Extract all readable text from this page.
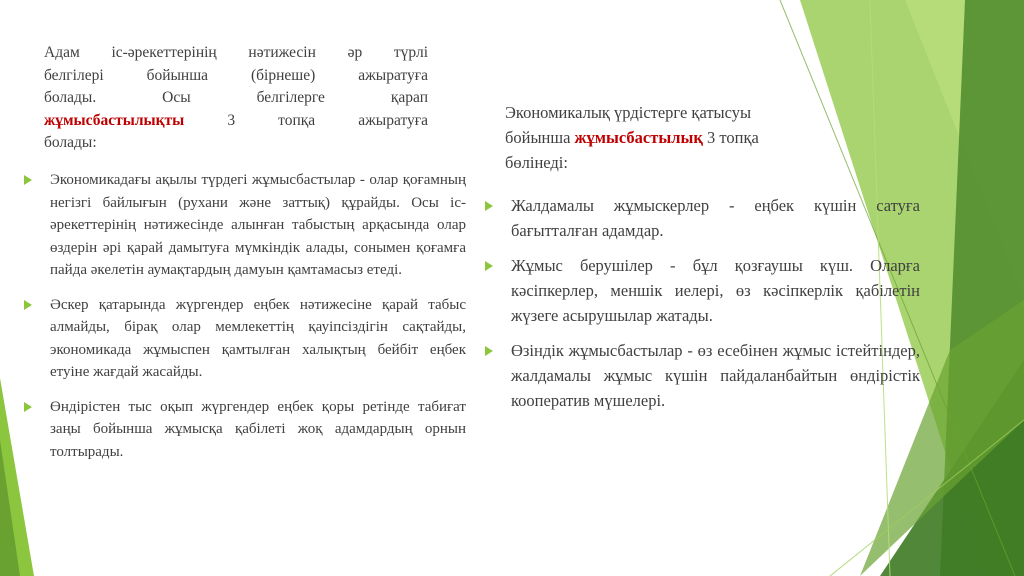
Адам іс-әрекеттерінің нәтижесін әр түрлі
белгілері бойынша (бірнеше) ажыратуға
болады. Осы белгілерге қарап
жұмысбастылықты 3 топқа ажыратуға
болады:
Экономикадағы ақылы түрдегі жұмысбастылар - олар қоғамның негізгі байлығын (рухани және заттық) құрайды. Осы іс-әрекеттерінің нәтижесінде алынған табыстың арқасында олар өздерін әрі қарай дамытуға мүмкіндік алады, сонымен қоғамға пайда әкелетін аумақтардың дамуын қамтамасыз етеді.
Әскер қатарында жүргендер еңбек нәтижесіне қарай табыс алмайды, бірақ олар мемлекеттің қауіпсіздігін сақтайды, экономикада жұмыспен қамтылған халықтың бейбіт еңбек етуіне жағдай жасайды.
Өндірістен тыс оқып жүргендер еңбек қоры ретінде табиғат заңы бойынша жұмысқа қабілеті жоқ адамдардың орнын толтырады.
Экономикалық үрдістерге қатысуы
бойынша жұмысбастылық 3 топқа
бөлінеді:
Жалдамалы жұмыскерлер - еңбек күшін сатуға бағытталған адамдар.
Жұмыс берушілер - бұл қозғаушы күш. Оларға кәсіпкерлер, меншік иелері, өз кәсіпкерлік қабілетін жүзеге асырушылар жатады.
Өзіндік жұмысбастылар - өз есебінен жұмыс істейтіндер, жалдамалы жұмыс күшін пайдаланбайтын өндірістік кооператив мүшелері.
